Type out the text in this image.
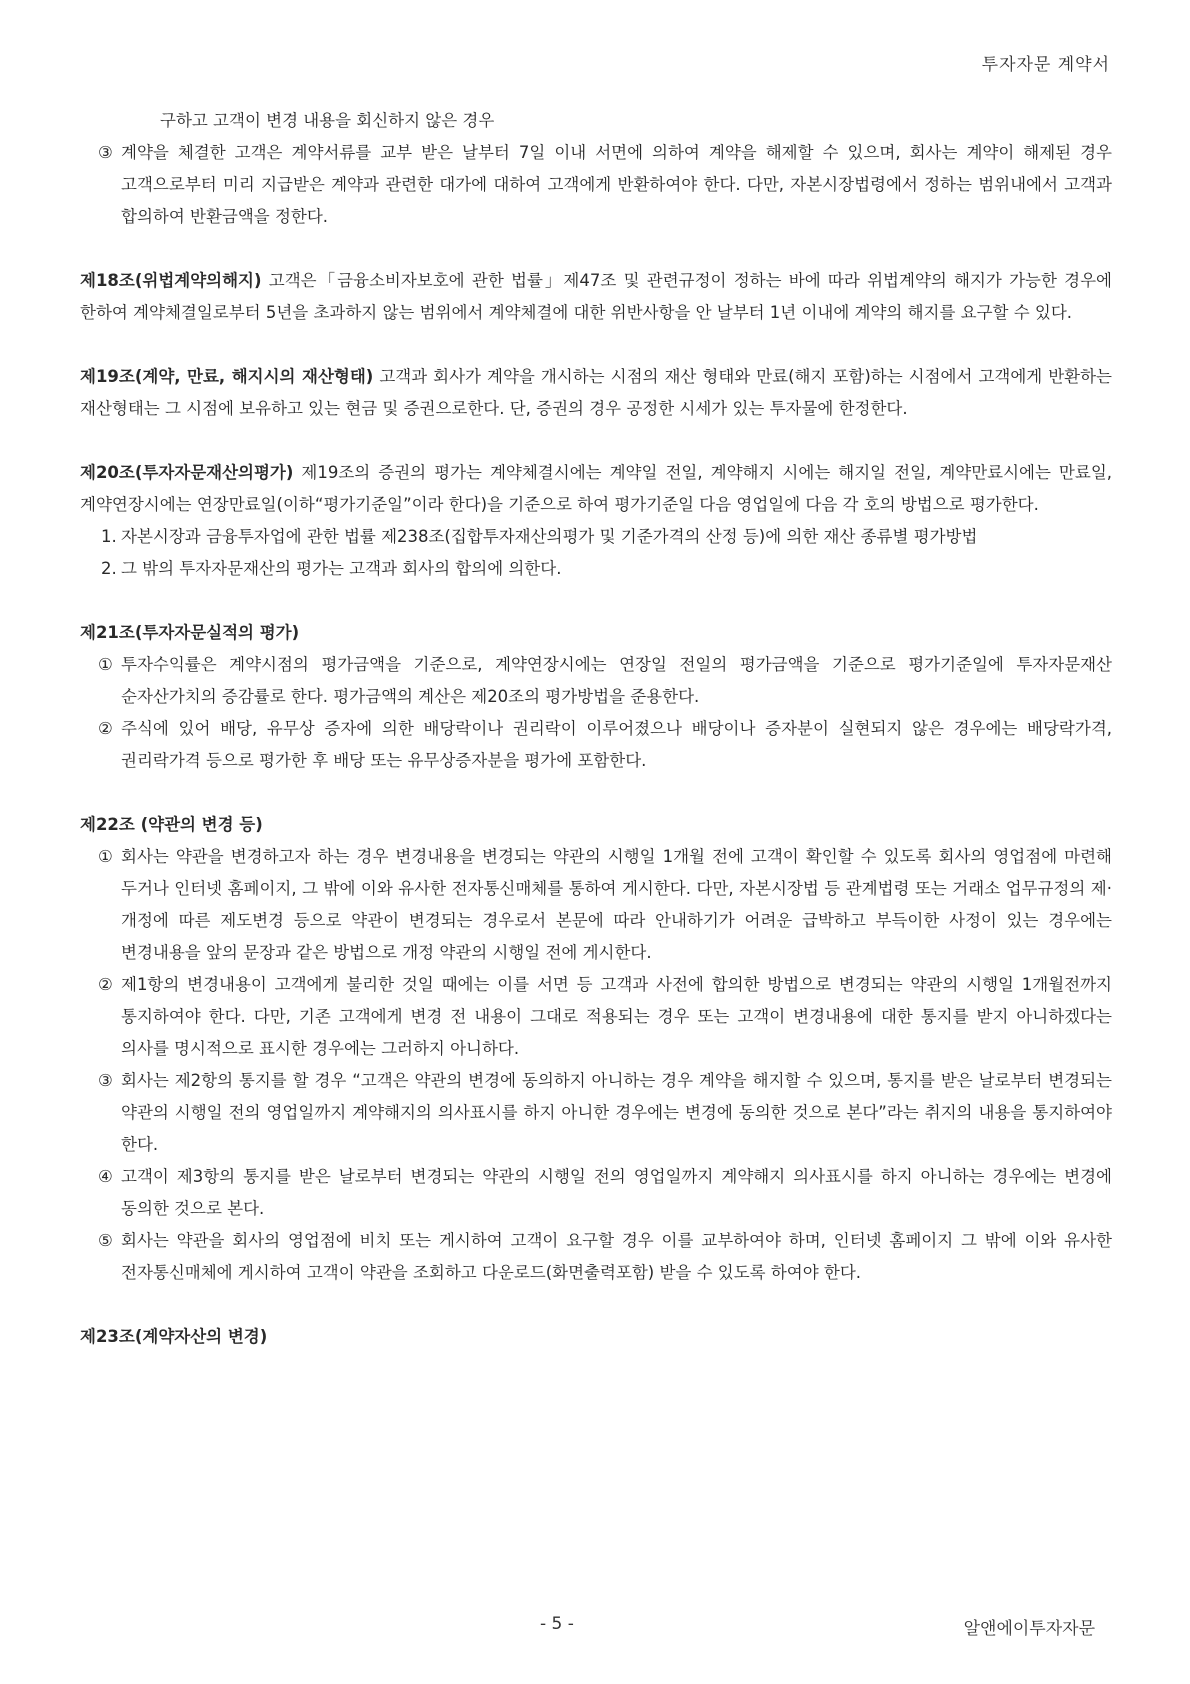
투자자문 계약서

구하고 고객이 변경 내용을 회신하지 않은 경우

③ 계약을 체결한 고객은 계약서류를 교부 받은 날부터 7일 이내 서면에 의하여 계약을 해제할 수 있으며, 회사는 계약이 해제된 경우 고객으로부터 미리 지급받은 계약과 관련한 대가에 대하여 고객에게 반환하여야 한다. 다만, 자본시장법령에서 정하는 범위내에서 고객과 합의하여 반환금액을 정한다.

제18조(위법계약의해지) 고객은「금융소비자보호에 관한 법률」제47조 및 관련규정이 정하는 바에 따라 위법계약의 해지가 가능한 경우에 한하여 계약체결일로부터 5년을 초과하지 않는 범위에서 계약체결에 대한 위반사항을 안 날부터 1년 이내에 계약의 해지를 요구할 수 있다.

제19조(계약, 만료, 해지시의 재산형태) 고객과 회사가 계약을 개시하는 시점의 재산 형태와 만료(해지 포함)하는 시점에서 고객에게 반환하는 재산형태는 그 시점에 보유하고 있는 현금 및 증권으로한다. 단, 증권의 경우 공정한 시세가 있는 투자물에 한정한다.

제20조(투자자문재산의평가) 제19조의 증권의 평가는 계약체결시에는 계약일 전일, 계약해지 시에는 해지일 전일, 계약만료시에는 만료일, 계약연장시에는 연장만료일(이하“평가기준일”이라 한다)을 기준으로 하여 평가기준일 다음 영업일에 다음 각 호의 방법으로 평가한다.

1. 자본시장과 금융투자업에 관한 법률 제238조(집합투자재산의평가 및 기준가격의 산정 등)에 의한 재산 종류별 평가방법
2. 그 밖의 투자자문재산의 평가는 고객과 회사의 합의에 의한다.

제21조(투자자문실적의 평가)

① 투자수익률은 계약시점의 평가금액을 기준으로, 계약연장시에는 연장일 전일의 평가금액을 기준으로 평가기준일에 투자자문재산 순자산가치의 증감률로 한다. 평가금액의 계산은 제20조의 평가방법을 준용한다.
② 주식에 있어 배당, 유무상 증자에 의한 배당락이나 권리락이 이루어졌으나 배당이나 증자분이 실현되지 않은 경우에는 배당락가격, 권리락가격 등으로 평가한 후 배당 또는 유무상증자분을 평가에 포함한다.

제22조 (약관의 변경 등)

① 회사는 약관을 변경하고자 하는 경우 변경내용을 변경되는 약관의 시행일 1개월 전에 고객이 확인할 수 있도록 회사의 영업점에 마련해 두거나 인터넷 홈페이지, 그 밖에 이와 유사한 전자통신매체를 통하여 게시한다. 다만, 자본시장법 등 관계법령 또는 거래소 업무규정의 제·개정에 따른 제도변경 등으로 약관이 변경되는 경우로서 본문에 따라 안내하기가 어려운 급박하고 부득이한 사정이 있는 경우에는 변경내용을 앞의 문장과 같은 방법으로 개정 약관의 시행일 전에 게시한다.
② 제1항의 변경내용이 고객에게 불리한 것일 때에는 이를 서면 등 고객과 사전에 합의한 방법으로 변경되는 약관의 시행일 1개월전까지 통지하여야 한다. 다만, 기존 고객에게 변경 전 내용이 그대로 적용되는 경우 또는 고객이 변경내용에 대한 통지를 받지 아니하겠다는 의사를 명시적으로 표시한 경우에는 그러하지 아니하다.
③ 회사는 제2항의 통지를 할 경우 “고객은 약관의 변경에 동의하지 아니하는 경우 계약을 해지할 수 있으며, 통지를 받은 날로부터 변경되는 약관의 시행일 전의 영업일까지 계약해지의 의사표시를 하지 아니한 경우에는 변경에 동의한 것으로 본다”라는 취지의 내용을 통지하여야 한다.
④ 고객이 제3항의 통지를 받은 날로부터 변경되는 약관의 시행일 전의 영업일까지 계약해지 의사표시를 하지 아니하는 경우에는 변경에 동의한 것으로 본다.
⑤ 회사는 약관을 회사의 영업점에 비치 또는 게시하여 고객이 요구할 경우 이를 교부하여야 하며, 인터넷 홈페이지 그 밖에 이와 유사한 전자통신매체에 게시하여 고객이 약관을 조회하고 다운로드(화면출력포함) 받을 수 있도록 하여야 한다.

제23조(계약자산의 변경)

- 5 -	알앤에이투자자문
